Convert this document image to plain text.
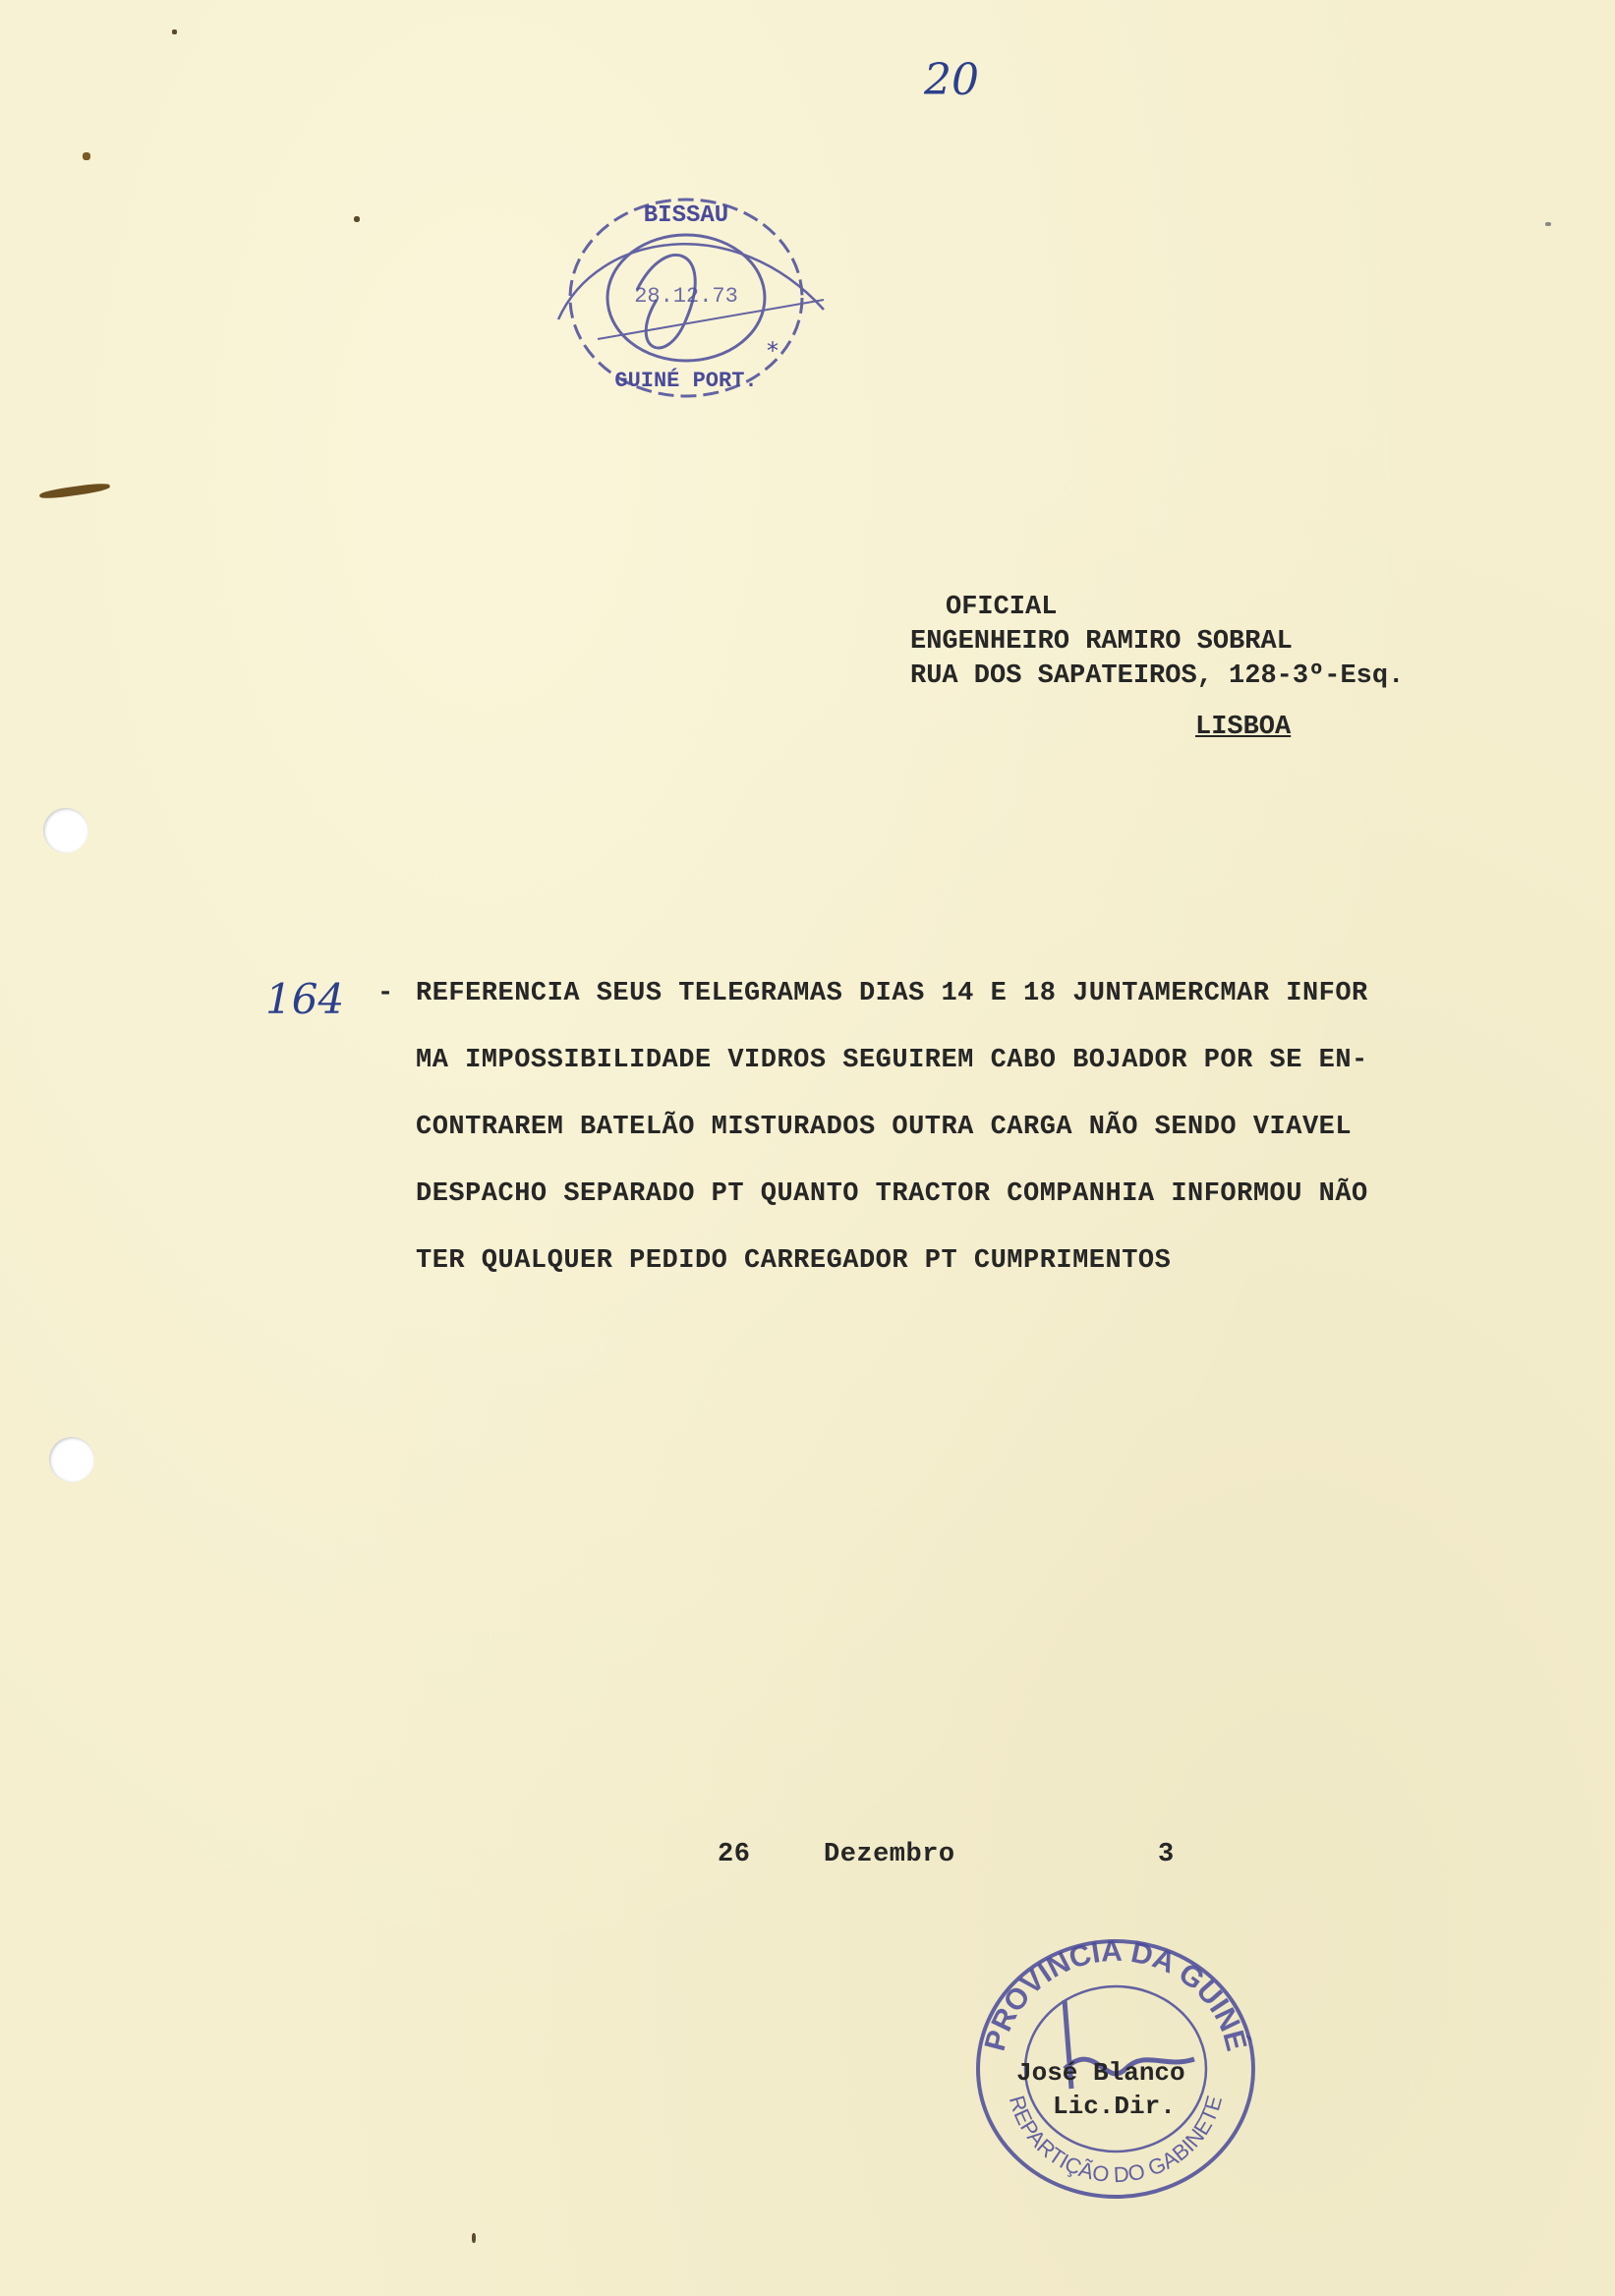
20
BISSAU
28.12.73
GUINÉ PORT.
*
OFICIAL
ENGENHEIRO RAMIRO SOBRAL
RUA DOS SAPATEIROS, 128-3º-Esq.
LISBOA
164 - REFERENCIA SEUS TELEGRAMAS DIAS 14 E 18 JUNTAMERCMAR INFOR
MA IMPOSSIBILIDADE VIDROS SEGUIREM CABO BOJADOR POR SE EN-
CONTRAREM BATELÃO MISTURADOS OUTRA CARGA NÃO SENDO VIAVEL
DESPACHO SEPARADO PT QUANTO TRACTOR COMPANHIA INFORMOU NÃO
TER QUALQUER PEDIDO CARREGADOR PT CUMPRIMENTOS
26	Dezembro	3
PROVINCIA DA GUINÉ
REPARTIÇÃO DO GABINETE
José Blanco
Lic.Dir.
